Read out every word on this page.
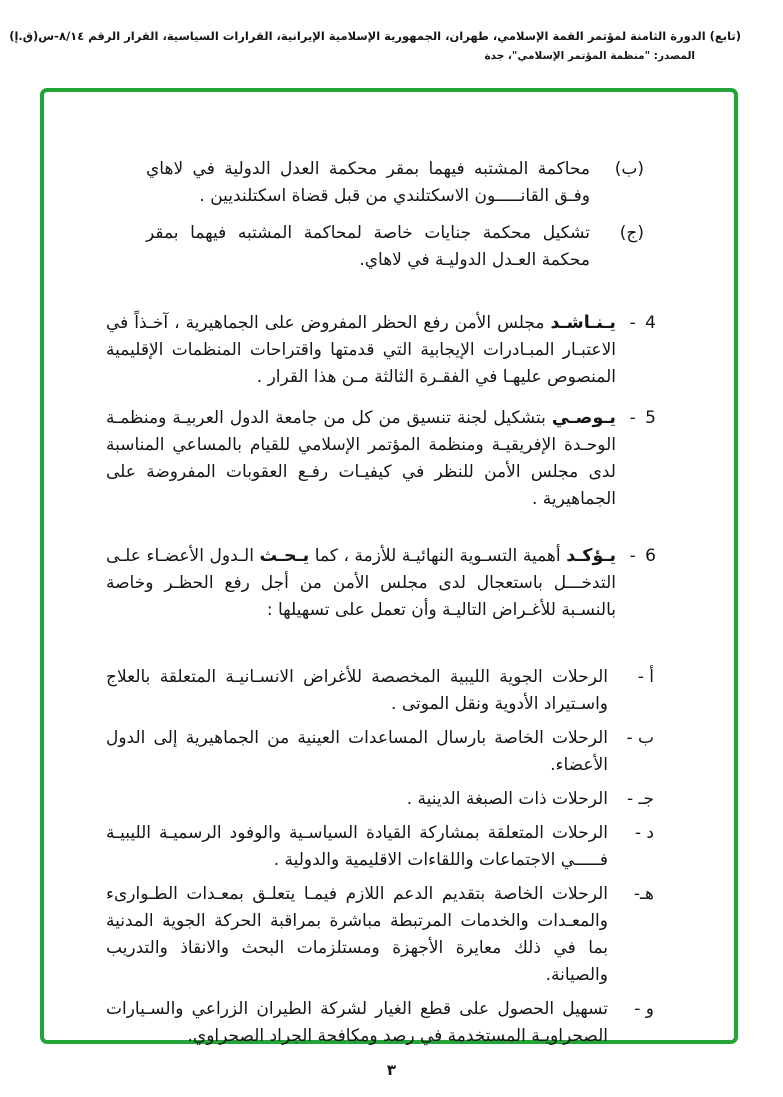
(تابع) الدورة الثامنة لمؤتمر القمة الإسلامي، طهران، الجمهورية الإسلامية الإيرانية، القرارات السياسية، القرار الرقم ٨/١٤-س(ق.إ)
المصدر: "منظمة المؤتمر الإسلامي"، جدة
(ب)
محاكمة المشتبه فيهما بمقر محكمة العدل الدولية في لاهاي وفـق القانـــــون الاسكتلندي من قبل قضاة اسكتلنديين .
(ج)
تشكيل محكمة جنايات خاصة لمحاكمة المشتبه فيهما بمقر محكمة العـدل الدوليـة في لاهاي.
4 -
يـنـاشـد مجلس الأمن رفع الحظر المفروض على الجماهيرية ، آخـذاً في الاعتبـار المبـادرات الإيجابية التي قدمتها واقتراحات المنظمات الإقليمية المنصوص عليهـا في الفقـرة الثالثة مـن هذا القرار .
5 -
يـوصـي بتشكيل لجنة تنسيق من كل من جامعة الدول العربيـة ومنظمـة الوحـدة الإفريقيـة ومنظمة المؤتمر الإسلامي للقيام بالمساعي المناسبة لدى مجلس الأمن للنظر في كيفيـات رفـع العقوبات المفروضة على الجماهيرية .
6 -
يـؤكـد أهمية التسـوية النهائيـة للأزمة ، كما يـحـث الـدول الأعضـاء علـى التدخـــل باستعجال لدى مجلس الأمن من أجل رفع الحظـر وخاصة بالنسـبة للأغـراض التاليـة وأن تعمل على تسهيلها :
أ -
الرحلات الجوية الليبية المخصصة للأغراض الانسـانيـة المتعلقة بالعلاج واسـتيراد الأدوية ونقل الموتى .
ب -
الرحلات الخاصة بارسال المساعدات العينية من الجماهيرية إلى الدول الأعضاء.
جـ -
الرحلات ذات الصبغة الدينية .
د -
الرحلات المتعلقة بمشاركة القيادة السياسـية والوفود الرسميـة الليبيـة فـــــي الاجتماعات واللقاءات الاقليمية والدولية .
هـ-
الرحلات الخاصة بتقديم الدعم اللازم فيمـا يتعلـق بمعـدات الطـوارىء والمعـدات والخدمات المرتبطة مباشرة بمراقبة الحركة الجوية المدنية بما في ذلك معايرة الأجهزة ومستلزمات البحث والانقاذ والتدريب والصيانة.
و -
تسهيل الحصول على قطع الغيار لشركة الطيران الزراعي والسـيارات الصحراويـة المستخدمة في رصد ومكافحة الجراد الصحراوي.
٣
